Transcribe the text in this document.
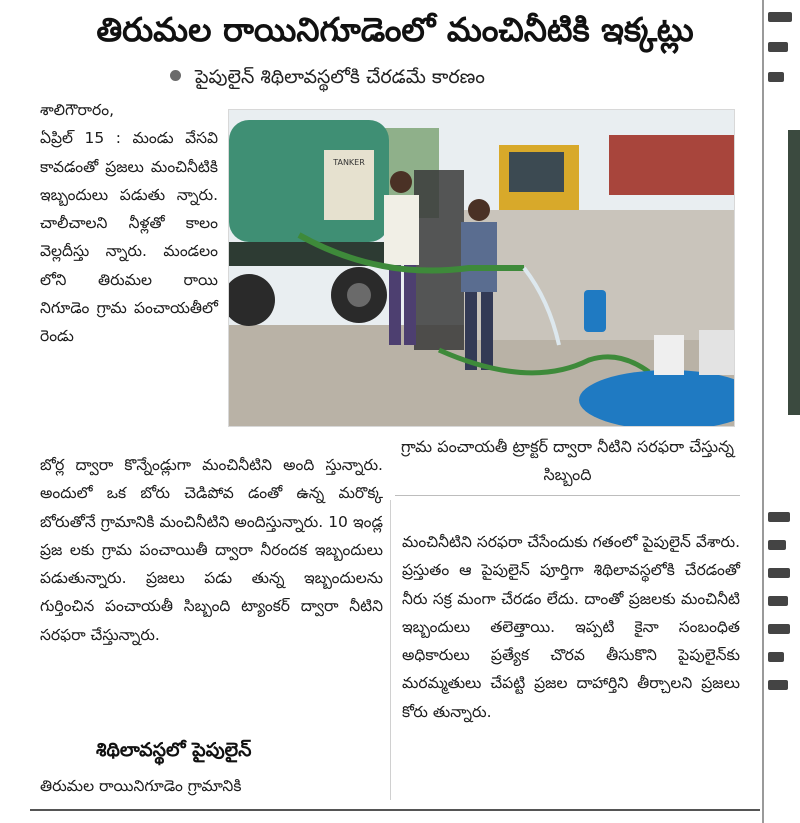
తిరుమల రాయినిగూడెంలో మంచినీటికి ఇక్కట్లు
పైపులైన్ శిథిలావస్థలోకి చేరడమే కారణం
శాలిగౌరారం,
ఏప్రిల్ 15 : మండు వేసవి కావడంతో ప్రజలు మంచినీటికి ఇబ్బందులు పడుతు న్నారు. చాలీచాలని నీళ్లతో కాలం వెల్లదీస్తు న్నారు. మండలం లోని తిరుమల రాయి నిగూడెం గ్రామ పంచాయతీలో రెండు
TANKER
గ్రామ పంచాయతీ ట్రాక్టర్ ద్వారా నీటిని సరఫరా చేస్తున్న సిబ్బంది
బోర్ల ద్వారా కొన్నేండ్లుగా మంచినీటిని అంది స్తున్నారు. అందులో ఒక బోరు చెడిపోవ డంతో ఉన్న మరొక్క బోరుతోనే గ్రామానికి మంచినీటిని అందిస్తున్నారు. 10 ఇండ్ల ప్రజ లకు గ్రామ పంచాయితీ ద్వారా నీరందక ఇబ్బందులు పడుతున్నారు. ప్రజలు పడు తున్న ఇబ్బందులను గుర్తించిన పంచాయతీ సిబ్బంది ట్యాంకర్ ద్వారా నీటిని సరఫరా చేస్తున్నారు.
మంచినీటిని సరఫరా చేసేందుకు గతంలో పైపులైన్ వేశారు. ప్రస్తుతం ఆ పైపులైన్ పూర్తిగా శిథిలావస్థలోకి చేరడంతో నీరు సక్ర మంగా చేరడం లేదు. దాంతో ప్రజలకు మంచినీటి ఇబ్బందులు తలెత్తాయి. ఇప్పటి కైనా సంబంధిత అధికారులు ప్రత్యేక చొరవ తీసుకొని పైపులైన్‌కు మరమ్మతులు చేపట్టి ప్రజల దాహార్తిని తీర్చాలని ప్రజలు కోరు తున్నారు.
శిథిలావస్థలో పైపులైన్
తిరుమల రాయినిగూడెం గ్రామానికి
